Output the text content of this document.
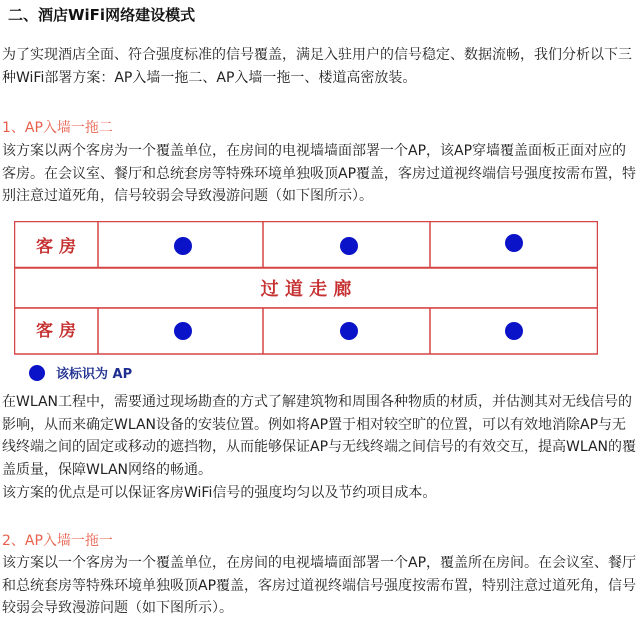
二、酒店WiFi网络建设模式
为了实现酒店全面、符合强度标准的信号覆盖，满足入驻用户的信号稳定、数据流畅，我们分析以下三种WiFi部署方案：AP入墙一拖二、AP入墙一拖一、楼道高密放装。
1、AP入墙一拖二
该方案以两个客房为一个覆盖单位，在房间的电视墙墙面部署一个AP，该AP穿墙覆盖面板正面对应的客房。在会议室、餐厅和总统套房等特殊环境单独吸顶AP覆盖，客房过道视终端信号强度按需布置，特别注意过道死角，信号较弱会导致漫游问题（如下图所示）。
客 房
过 道 走 廊
客 房
该标识为 AP
在WLAN工程中，需要通过现场勘查的方式了解建筑物和周围各种物质的材质，并估测其对无线信号的影响，从而来确定WLAN设备的安装位置。例如将AP置于相对较空旷的位置，可以有效地消除AP与无线终端之间的固定或移动的遮挡物，从而能够保证AP与无线终端之间信号的有效交互，提高WLAN的覆盖质量，保障WLAN网络的畅通。
该方案的优点是可以保证客房WiFi信号的强度均匀以及节约项目成本。
2、AP入墙一拖一
该方案以一个客房为一个覆盖单位，在房间的电视墙墙面部署一个AP，覆盖所在房间。在会议室、餐厅和总统套房等特殊环境单独吸顶AP覆盖，客房过道视终端信号强度按需布置，特别注意过道死角，信号较弱会导致漫游问题（如下图所示）。
